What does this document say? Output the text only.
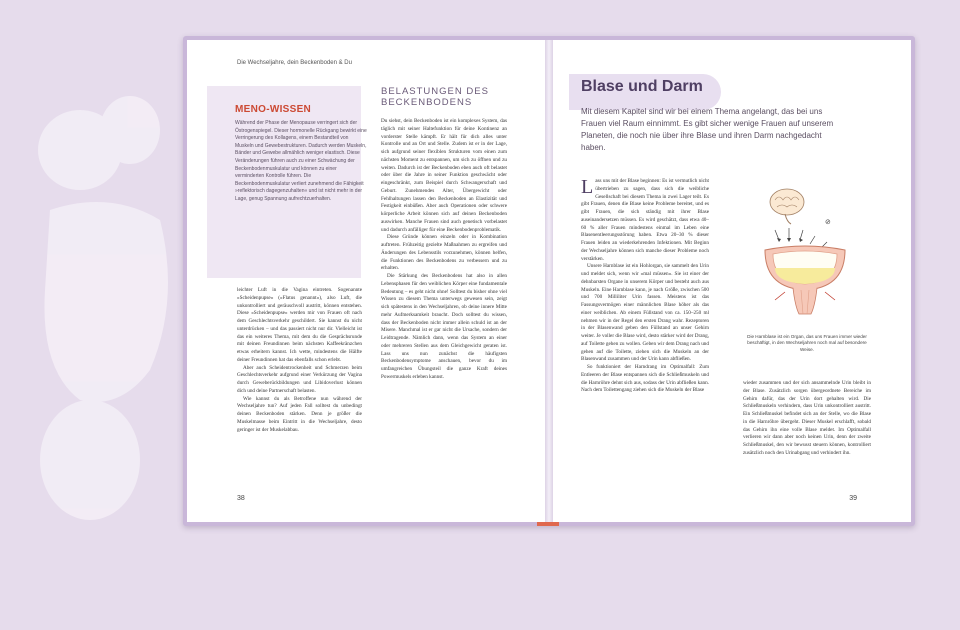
Die Wechseljahre, dein Beckenboden & Du
MENO-WISSEN

Während der Phase der Menopause verringert sich der Östrogenspiegel. Dieser hormonelle Rückgang bewirkt eine Verringerung des Kollagens, einem Bestandteil von Muskeln und Gewebestrukturen. Dadurch werden Muskeln, Bänder und Gewebe allmählich weniger elastisch. Diese Veränderungen führen auch zu einer Schwächung der Beckenbodenmuskulatur und können zu einer verminderten Kontrolle führen. Die Beckenbodenmuskulatur verliert zunehmend die Fähigkeit »reflektorisch dagegenzuhalten« und ist nicht mehr in der Lage, genug Spannung aufrechtzuerhalten.

BELASTUNGEN DES BECKENBODENS

leichter Luft in die Vagina eintreten. Sogenannte »Scheidenpupse« (»Flatus genannt«), also Luft, die unkontrolliert und geräuschvoll austritt, können entstehen. Diese »Scheidenpupse« werden mir von Frauen oft nach dem Geschlechtsverkehr geschildert. Sie kannst du nicht unterdrücken – und das passiert nicht nur dir. Vielleicht ist das ein weiteres Thema, mit dem du die Gesprächsrunde mit deinen Freundinnen beim nächsten Kaffeekränzchen etwas erheitern kannst. Ich wette, mindestens die Hälfte deiner Freundinnen hat das ebenfalls schon erlebt.

Aber auch Scheidentrockenheit und Schmerzen beim Geschlechtsverkehr aufgrund einer Verkürzung der Vagina durch Geweberückbildungen und Libidoverlust können dich und deine Partnerschaft belasten.

Wie kannst du als Betroffene nun während der Wechseljahre tun? Auf jeden Fall solltest du unbedingt deinen Beckenboden stärken. Denn je größer die Muskelmasse beim Eintritt in die Wechseljahre, desto geringer ist der Muskelabbau.

Du siehst, dein Beckenboden ist ein komplexes System, das täglich mit seiner Haltefunktion für deine Kontinenz an vorderster Stelle kämpft. Er hält für dich alles unter Kontrolle und an Ort und Stelle. Zudem ist er in der Lage, sich aufgrund seiner flexiblen Strukturen vom einen zum nächsten Moment zu entspannen, um sich zu öffnen und zu weiten. Dadurch ist der Beckenboden eben auch oft belastet oder über die Jahre in seiner Funktion geschwächt oder eingeschränkt, zum Beispiel durch Schwangerschaft und Geburt. Zunehmendes Alter, Übergewicht oder Fehlhaltungen lassen den Beckenboden an Elastizität und Festigkeit einbüßen. Aber auch Operationen oder schwere körperliche Arbeit können sich auf deinen Beckenboden auswirken. Manche Frauen sind auch genetisch vorbelastet und dadurch anfälliger für eine Beckenbodenproblematik.

Diese Gründe können einzeln oder in Kombination auftreten. Frühzeitig gezielte Maßnahmen zu ergreifen und Änderungen des Lebensstils vorzunehmen, können helfen, die Funktionen des Beckenbodens zu verbessern und zu erhalten.

Die Stärkung des Beckenbodens hat also in allen Lebensphasen für den weiblichen Körper eine fundamentale Bedeutung – es geht nicht ohne! Solltest du bisher ohne viel Wissen zu diesem Thema unterwegs gewesen sein, zeigt sich spätestens in den Wechseljahren, ob deine innere Mitte mehr Aufmerksamkeit braucht. Doch solltest du wissen, dass der Beckenboden nicht immer allein schuld ist an der Misere. Manchmal ist er gar nicht die Ursache, sondern der Leidtragende. Nämlich dann, wenn das System an einer oder mehreren Stellen aus dem Gleichgewicht geraten ist. Lass uns nun zunächst die häufigsten Beckenbodensymptome anschauen, bevor du im umfangreichen Übungsteil die ganze Kraft deines Powermuskels erleben kannst.

38
Blase und Darm
Mit diesem Kapitel sind wir bei einem Thema angelangt, das bei uns Frauen viel Raum einnimmt. Es gibt sicher wenige Frauen auf unserem Planeten, die noch nie über ihre Blase und ihren Darm nachgedacht haben.

Lass uns mit der Blase beginnen: Es ist vermutlich nicht übertrieben zu sagen, dass sich die weibliche Gesellschaft bei diesem Thema in zwei Lager teilt. Es gibt Frauen, denen die Blase keine Probleme bereitet, und es gibt Frauen, die sich ständig mit ihrer Blase auseinandersetzen müssen. Es wird geschätzt, dass etwa 40–60 % aller Frauen mindestens einmal im Leben eine Blasenentleerungsstörung haben. Etwa 20–30 % dieser Frauen leiden an wiederkehrenden Infektionen. Mit Beginn der Wechseljahre können sich manche dieser Probleme noch verstärken.

Unsere Harnblase ist ein Hohlorgan, sie sammelt den Urin und meldet sich, wenn wir »mal müssen«. Sie ist einer der dehnbarsten Organe in unserem Körper und besteht auch aus Muskeln. Eine Harnblase kann, je nach Größe, zwischen 500 und 700 Milliliter Urin fassen. Meistens ist das Fassungsvermögen einer männlichen Blase höher als das einer weiblichen. Ab einem Füllstand von ca. 150–250 ml nehmen wir in der Regel den ersten Drang wahr. Rezeptoren in der Blasenwand geben den Füllstand an unser Gehirn weiter. Je voller die Blase wird, desto stärker wird der Drang, auf Toilette gehen zu wollen. Geben wir dem Drang nach und gehen auf die Toilette, ziehen sich die Muskeln an der Blasenwand zusammen und der Urin kann abfließen.

So funktioniert der Harndrang im Optimalfall: Zum Entleeren der Blase entspannen sich die Schließmuskeln und die Harnröhre dehnt sich aus, sodass der Urin abfließen kann. Nach dem Toilettengang ziehen sich die Muskeln der Blase

⊘
Die Harnblase ist ein Organ, das uns Frauen immer wieder beschäftigt, in den Wechseljahren noch mal auf besondere Weise.

wieder zusammen und der sich ansammelnde Urin bleibt in der Blase. Zusätzlich sorgen übergeordnete Bereiche im Gehirn dafür, das der Urin dort gehalten wird. Die Schließmuskeln verhindern, dass Urin unkontrolliert austritt. Ein Schließmuskel befindet sich an der Stelle, wo die Blase in die Harnröhre übergeht. Dieser Muskel erschlafft, sobald das Gehirn ihn eine volle Blase meldet. Im Optimalfall verlieren wir dann aber noch keinen Urin, denn der zweite Schließmuskel, den wir bewusst steuern können, kontrolliert zusätzlich noch den Urinabgang und verhindert ihn.

39
